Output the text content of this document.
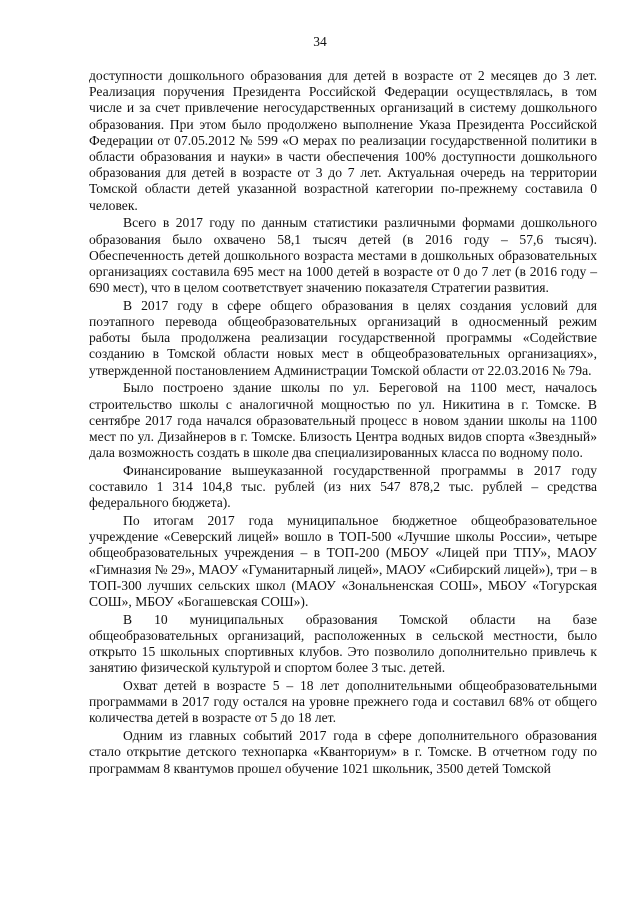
34

доступности дошкольного образования для детей в возрасте от 2 месяцев до 3 лет. Реализация поручения Президента Российской Федерации осуществлялась, в том числе и за счет привлечение негосударственных организаций в систему дошкольного образования. При этом было продолжено выполнение Указа Президента Российской Федерации от 07.05.2012 № 599 «О мерах по реализации государственной политики в области образования и науки» в части обеспечения 100% доступности дошкольного образования для детей в возрасте от 3 до 7 лет. Актуальная очередь на территории Томской области детей указанной возрастной категории по-прежнему составила 0 человек.

Всего в 2017 году по данным статистики различными формами дошкольного образования было охвачено 58,1 тысяч детей (в 2016 году – 57,6 тысяч). Обеспеченность детей дошкольного возраста местами в дошкольных образовательных организациях составила 695 мест на 1000 детей в возрасте от 0 до 7 лет (в 2016 году – 690 мест), что в целом соответствует значению показателя Стратегии развития.

В 2017 году в сфере общего образования в целях создания условий для поэтапного перевода общеобразовательных организаций в односменный режим работы была продолжена реализации государственной программы «Содействие созданию в Томской области новых мест в общеобразовательных организациях», утвержденной постановлением Администрации Томской области от 22.03.2016 № 79а.

Было построено здание школы по ул. Береговой на 1100 мест, началось строительство школы с аналогичной мощностью по ул. Никитина в г. Томске. В сентябре 2017 года начался образовательный процесс в новом здании школы на 1100 мест по ул. Дизайнеров в г. Томске. Близость Центра водных видов спорта «Звездный» дала возможность создать в школе два специализированных класса по водному поло.

Финансирование вышеуказанной государственной программы в 2017 году составило 1 314 104,8 тыс. рублей (из них 547 878,2 тыс. рублей – средства федерального бюджета).

По итогам 2017 года муниципальное бюджетное общеобразовательное учреждение «Северский лицей» вошло в ТОП-500 «Лучшие школы России», четыре общеобразовательных учреждения – в ТОП-200 (МБОУ «Лицей при ТПУ», МАОУ «Гимназия № 29», МАОУ «Гуманитарный лицей», МАОУ «Сибирский лицей»), три – в ТОП-300 лучших сельских школ (МАОУ «Зональненская СОШ», МБОУ «Тогурская СОШ», МБОУ «Богашевская СОШ»).

В 10 муниципальных образования Томской области на базе общеобразовательных организаций, расположенных в сельской местности, было открыто 15 школьных спортивных клубов. Это позволило дополнительно привлечь к занятию физической культурой и спортом более 3 тыс. детей.

Охват детей в возрасте 5 – 18 лет дополнительными общеобразовательными программами в 2017 году остался на уровне прежнего года и составил 68% от общего количества детей в возрасте от 5 до 18 лет.

Одним из главных событий 2017 года в сфере дополнительного образования стало открытие детского технопарка «Кванториум» в г. Томске. В отчетном году по программам 8 квантумов прошел обучение 1021 школьник, 3500 детей Томской
